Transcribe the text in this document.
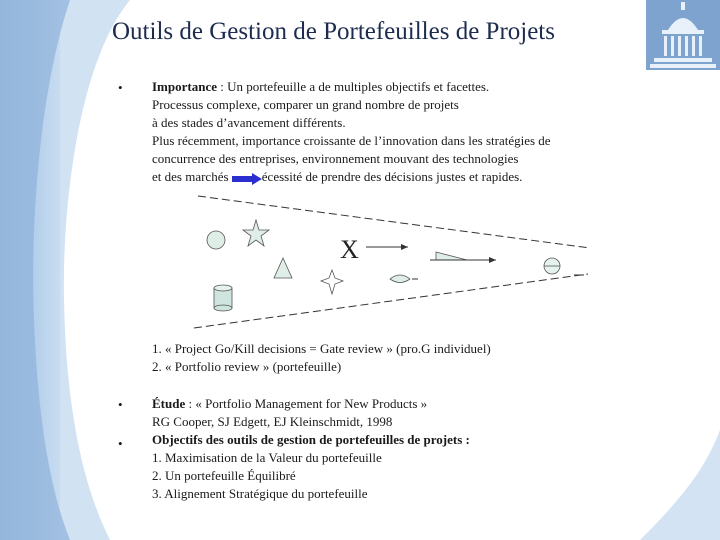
Outils de Gestion de Portefeuilles de Projets
• Importance : Un portefeuille a de multiples objectifs et facettes.
Processus complexe, comparer un grand nombre de projets
à des stades d’avancement différents.
Plus récemment, importance croissante de l’innovation dans les stratégies de
concurrence des entreprises, environnement mouvant des technologies
et des marchés	écessité de prendre des décisions justes et rapides.
X
1. « Project Go/Kill decisions = Gate review » (pro.G individuel)
2. « Portfolio review » (portefeuille)
•
•
Étude : « Portfolio Management for New Products »
RG Cooper, SJ Edgett, EJ Kleinschmidt, 1998
Objectifs des outils de gestion de portefeuilles de projets :
1. Maximisation de la Valeur du portefeuille
2. Un portefeuille Équilibré
3. Alignement Stratégique du portefeuille
